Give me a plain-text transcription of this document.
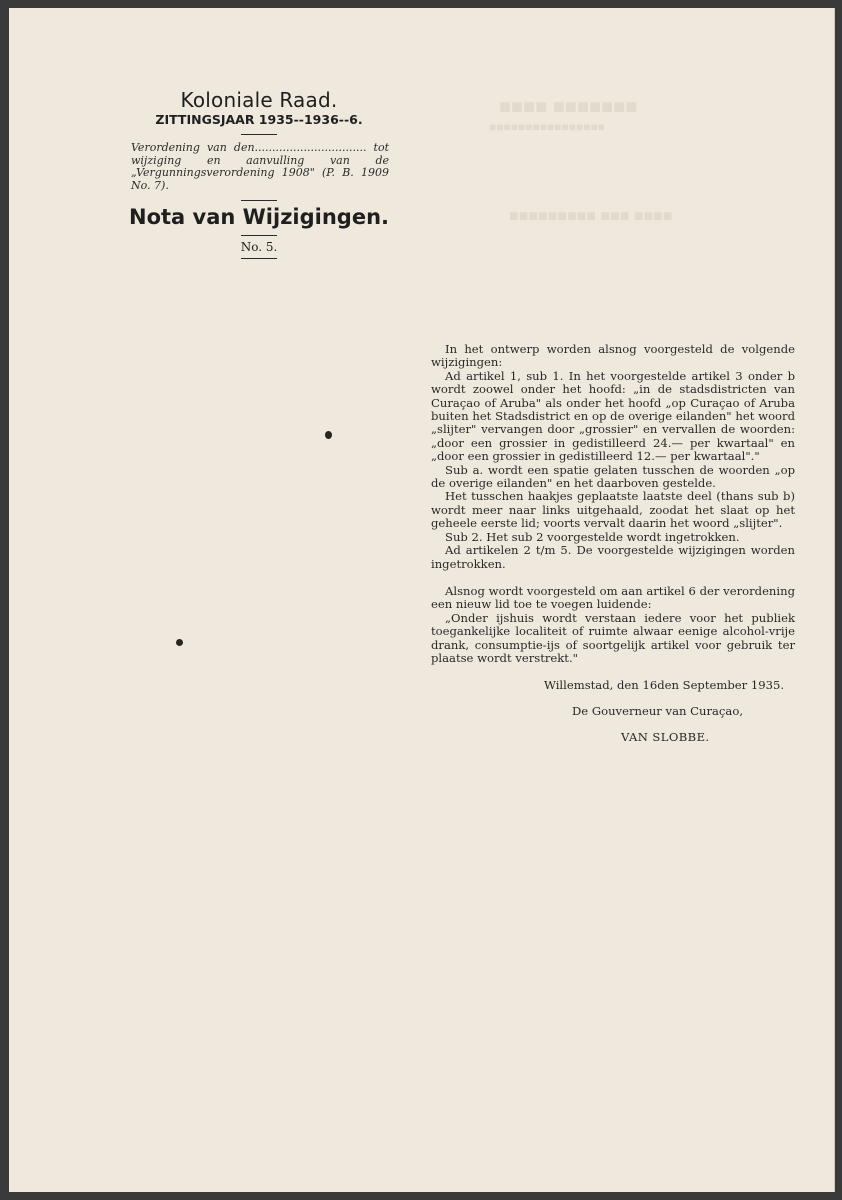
■■■■■■■ ■■■■
■■■■■■■■■■■■■■■■
■■■■ ■■■ ■■■■■■■■■
Koloniale Raad.
ZITTINGSJAAR 1935--1936--6.

Verordening van den................................ tot wijziging en aanvulling van de „Vergunningsverordening 1908" (P. B. 1909 No. 7).

Nota van Wijzigingen.

No. 5.

In het ontwerp worden alsnog voorgesteld de volgende wijzigingen:

Ad artikel 1, sub 1. In het voorgestelde artikel 3 onder b wordt zoowel onder het hoofd: „in de stadsdistricten van Curaçao of Aruba" als onder het hoofd „op Curaçao of Aruba buiten het Stadsdistrict en op de overige eilanden" het woord „slijter" vervangen door „grossier" en vervallen de woorden: „door een grossier in gedistilleerd 24.— per kwartaal" en „door een grossier in gedistilleerd 12.— per kwartaal"."

Sub a. wordt een spatie gelaten tusschen de woorden „op de overige eilanden" en het daarboven gestelde.

Het tusschen haakjes geplaatste laatste deel (thans sub b) wordt meer naar links uitgehaald, zoodat het slaat op het geheele eerste lid; voorts vervalt daarin het woord „slijter".

Sub 2. Het sub 2 voorgestelde wordt ingetrokken.

Ad artikelen 2 t/m 5. De voorgestelde wijzigingen worden ingetrokken.

Alsnog wordt voorgesteld om aan artikel 6 der verordening een nieuw lid toe te voegen luidende:

„Onder ijshuis wordt verstaan iedere voor het publiek toegankelijke localiteit of ruimte alwaar eenige alcohol-vrije drank, consumptie-ijs of soortgelijk artikel voor gebruik ter plaatse wordt verstrekt."

Willemstad, den 16den September 1935.
De Gouverneur van Curaçao,
VAN SLOBBE.
